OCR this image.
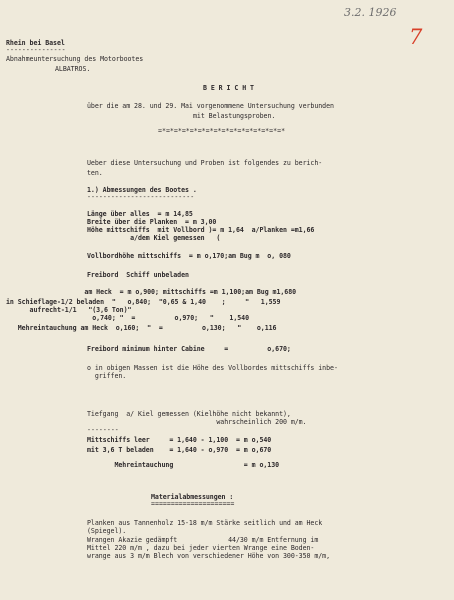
3.2. 1926
7
Rhein bei Basel
---------------
Abnahmeuntersuchung des Motorbootes
ALBATROS.
B E R I C H T
über die am 28. und 29. Mai vorgenommene Untersuchung verbunden
mit Belastungsproben.
=*=*=*=*=*=*=*=*=*=*=*=*=*=*=*=*
Ueber diese Untersuchung und Proben ist folgendes zu berich-
ten.
1.) Abmessungen des Bootes .
---------------------------
Länge über alles  = m 14,85
Breite über die Planken  = m 3,00
Höhe mittschiffs  mit Vollbord )= m 1,64  a/Planken =m1,66
a/dem Kiel gemessen   (
Vollbordhöhe mittschiffs  = m o,170;am Bug m  o, 080
Freibord  Schiff unbeladen
am Heck  = m o,900; mittschiffs =m 1,100;am Bug m1,680
in Schieflage-1/2 beladen  "   o,840;  "0,65 & 1,40    ;     "   1,559
aufrecht-1/1   "(3,6 Ton)"
o,740; "  =          o,970;   "    1,540
Mehreintauchung am Heck  o,160;  "  =          o,130;   "    o,116
Freibord minimum hinter Cabine     =          o,670;
o in obigen Massen ist die Höhe des Vollbordes mittschiffs inbe-
griffen.
Tiefgang  a/ Kiel gemessen (Kielhöhe nicht bekannt),
wahrscheinlich 200 m/m.
--------
Mittschiffs leer     = 1,640 - 1,100  = m o,540
mit 3,6 T beladen    = 1,640 - o,970  = m o,670
Mehreintauchung                  = m o,130
Materialabmessungen :
=====================
Planken aus Tannenholz 15-18 m/m Stärke seitlich und am Heck
(Spiegel).
Wrangen Akazie gedämpft             44/30 m/m Entfernung im
Mittel 220 m/m , dazu bei jeder vierten Wrange eine Boden-
wrange aus 3 m/m Blech von verschiedener Höhe von 300-350 m/m,
